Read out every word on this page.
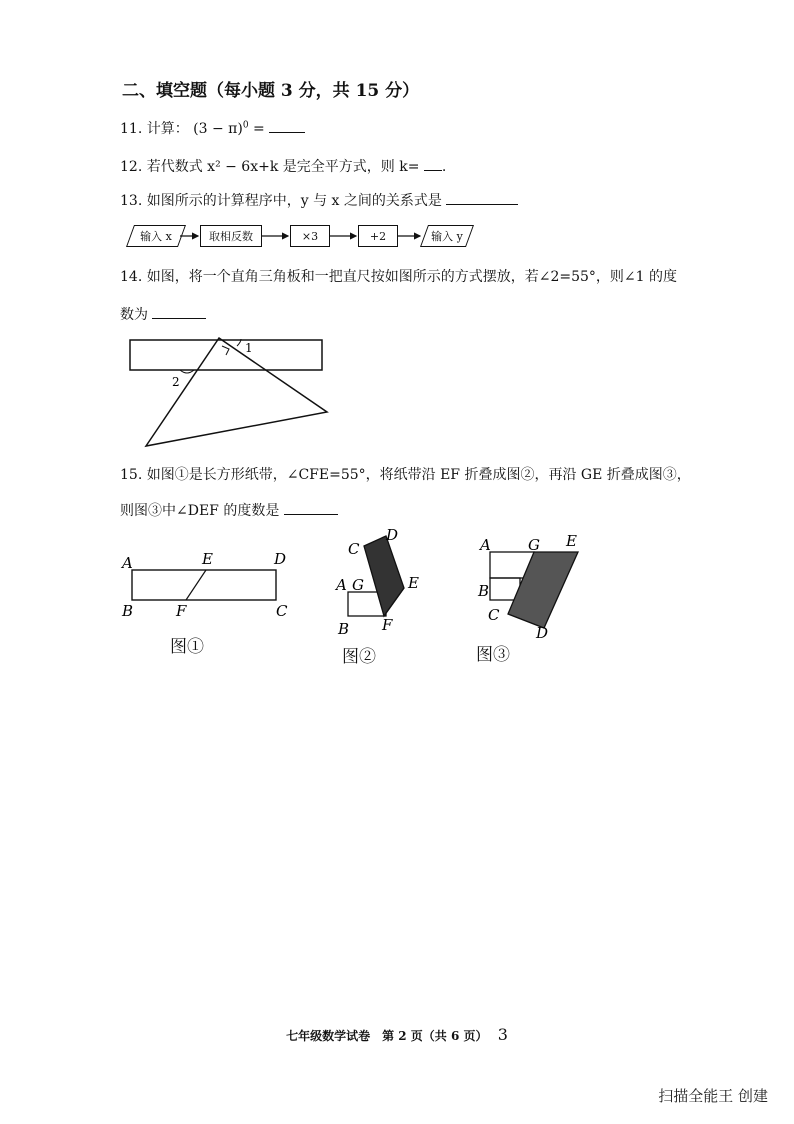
二、填空题（每小题 3 分，共 15 分）
11. 计算： $(3 - \pi)^0$ =
12. 若代数式 x² − 6x+k 是完全平方式，则 k= .
13. 如图所示的计算程序中，y 与 x 之间的关系式是
输入 x	取相反数	×3	+2	输入 y
14. 如图，将一个直角三角板和一把直尺按如图所示的方式摆放，若∠2=55°，则∠1 的度
数为
1
2
15. 如图①是长方形纸带，∠CFE=55°，将纸带沿 EF 折叠成图②，再沿 GE 折叠成图③，
则图③中∠DEF 的度数是
A	E	D
B	F	C
图①
C
D
A G	E
B F
图②
A G E
B
C
D
图③
七年级数学试卷　第 2 页（共 6 页） 3
扫描全能王 创建
